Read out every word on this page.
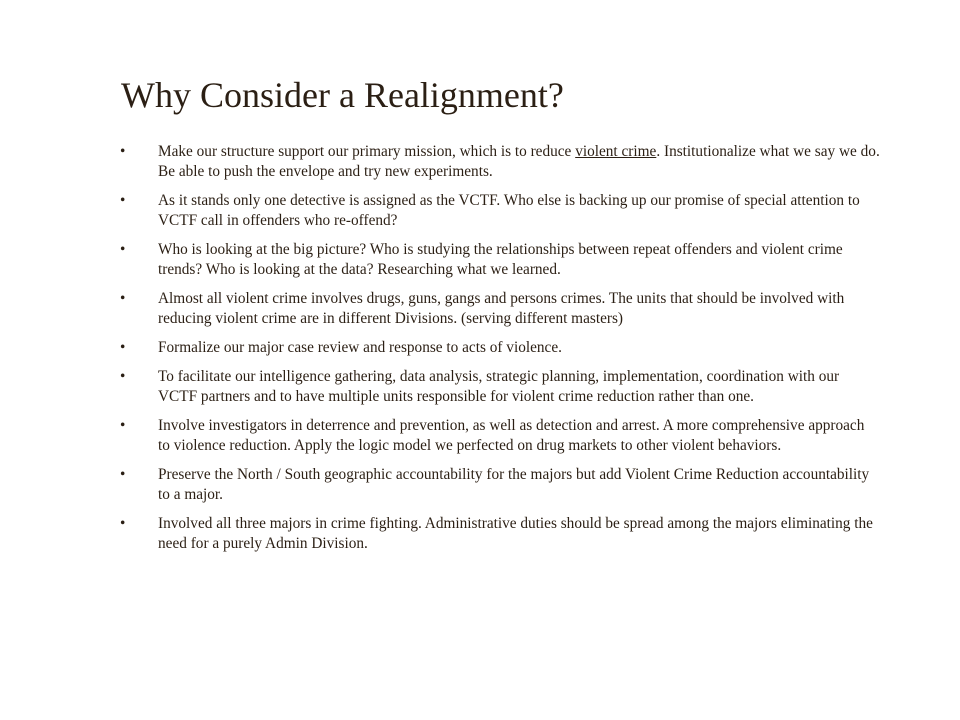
Why Consider a Realignment?
• Make our structure support our primary mission, which is to reduce violent crime. Institutionalize what we say we do. Be able to push the envelope and try new experiments.
• As it stands only one detective is assigned as the VCTF. Who else is backing up our promise of special attention to VCTF call in offenders who re-offend?
• Who is looking at the big picture? Who is studying the relationships between repeat offenders and violent crime trends? Who is looking at the data? Researching what we learned.
• Almost all violent crime involves drugs, guns, gangs and persons crimes. The units that should be involved with reducing violent crime are in different Divisions. (serving different masters)
• Formalize our major case review and response to acts of violence.
• To facilitate our intelligence gathering, data analysis, strategic planning, implementation, coordination with our VCTF partners and to have multiple units responsible for violent crime reduction rather than one.
• Involve investigators in deterrence and prevention, as well as detection and arrest. A more comprehensive approach to violence reduction. Apply the logic model we perfected on drug markets to other violent behaviors.
• Preserve the North / South geographic accountability for the majors but add Violent Crime Reduction accountability to a major.
• Involved all three majors in crime fighting. Administrative duties should be spread among the majors eliminating the need for a purely Admin Division.
